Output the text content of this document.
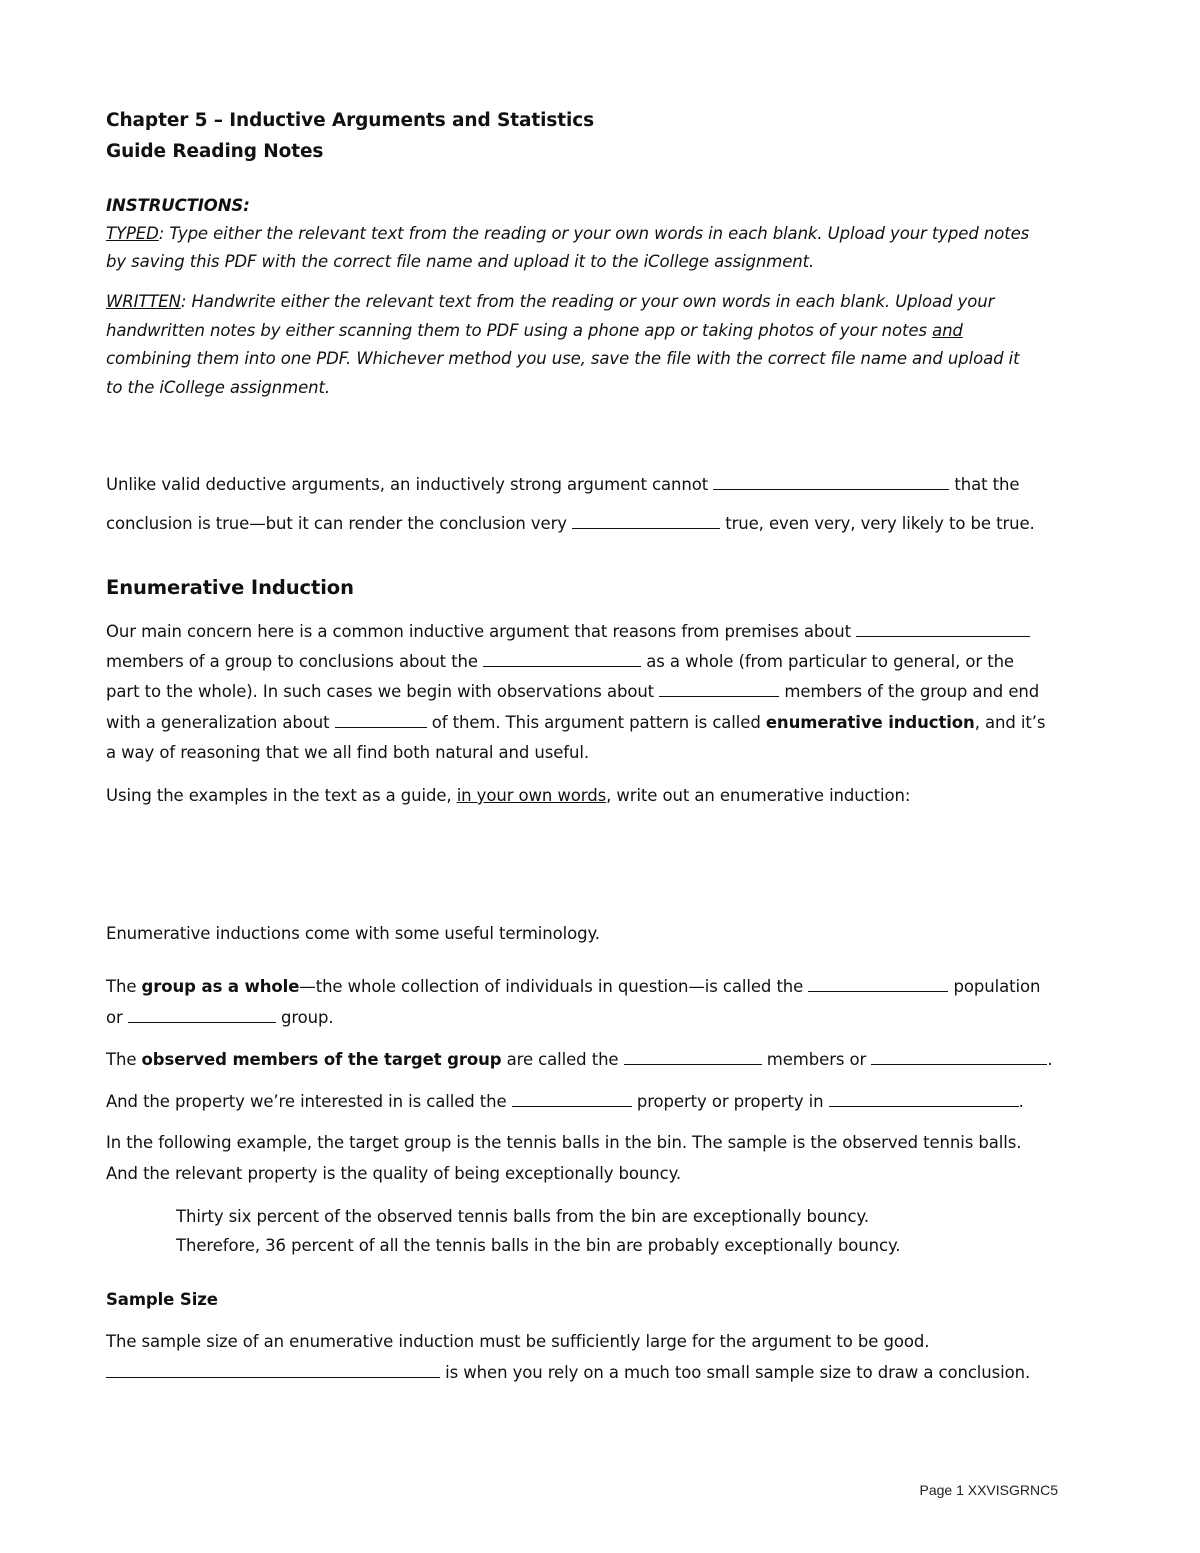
Chapter 5 – Inductive Arguments and Statistics
Guide Reading Notes
INSTRUCTIONS:
TYPED: Type either the relevant text from the reading or your own words in each blank. Upload your typed notes
by saving this PDF with the correct file name and upload it to the iCollege assignment.
WRITTEN: Handwrite either the relevant text from the reading or your own words in each blank. Upload your
handwritten notes by either scanning them to PDF using a phone app or taking photos of your notes and
combining them into one PDF. Whichever method you use, save the file with the correct file name and upload it
to the iCollege assignment.
Unlike valid deductive arguments, an inductively strong argument cannot	that the
conclusion is true—but it can render the conclusion very	true, even very, very likely to be true.
Enumerative Induction
Our main concern here is a common inductive argument that reasons from premises about
members of a group to conclusions about the	as a whole (from particular to general, or the
part to the whole). In such cases we begin with observations about	members of the group and end
with a generalization about	of them. This argument pattern is called enumerative induction, and it’s
a way of reasoning that we all find both natural and useful.
Using the examples in the text as a guide, in your own words, write out an enumerative induction:
Enumerative inductions come with some useful terminology.
The group as a whole—the whole collection of individuals in question—is called the	population
or	group.
The observed members of the target group are called the	members or	.
And the property we’re interested in is called the	property or property in	.
In the following example, the target group is the tennis balls in the bin. The sample is the observed tennis balls.
And the relevant property is the quality of being exceptionally bouncy.
Thirty six percent of the observed tennis balls from the bin are exceptionally bouncy.
Therefore, 36 percent of all the tennis balls in the bin are probably exceptionally bouncy.
Sample Size
The sample size of an enumerative induction must be sufficiently large for the argument to be good.
is when you rely on a much too small sample size to draw a conclusion.
Page 1 XXVISGRNC5
